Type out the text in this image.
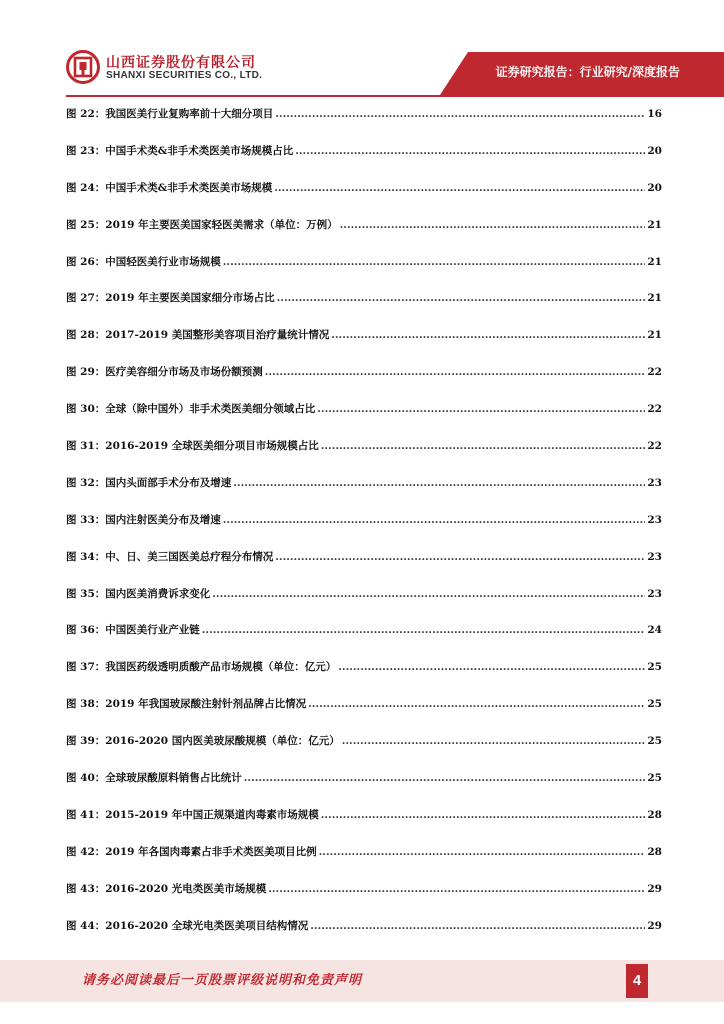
山西证券股份有限公司
SHANXI SECURITIES CO., LTD.	证券研究报告：行业研究/深度报告
图 22：我国医美行业复购率前十大细分项目 .....	16
图 23：中国手术类&非手术类医美市场规模占比 .....	20
图 24：中国手术类&非手术类医美市场规模 .....	20
图 25：2019 年主要医美国家轻医美需求（单位：万例） .....	21
图 26：中国轻医美行业市场规模 .....	21
图 27：2019 年主要医美国家细分市场占比 .....	21
图 28：2017-2019 美国整形美容项目治疗量统计情况 .....	21
图 29：医疗美容细分市场及市场份额预测 .....	22
图 30：全球（除中国外）非手术类医美细分领域占比 .....	22
图 31：2016-2019 全球医美细分项目市场规模占比 .....	22
图 32：国内头面部手术分布及增速 .....	23
图 33：国内注射医美分布及增速 .....	23
图 34：中、日、美三国医美总疗程分布情况 .....	23
图 35：国内医美消费诉求变化 .....	23
图 36：中国医美行业产业链 .....	24
图 37：我国医药级透明质酸产品市场规模（单位：亿元） .....	25
图 38：2019 年我国玻尿酸注射针剂品牌占比情况 .....	25
图 39：2016-2020 国内医美玻尿酸规模（单位：亿元） .....	25
图 40：全球玻尿酸原料销售占比统计 .....	25
图 41：2015-2019 年中国正规渠道肉毒素市场规模 .....	28
图 42：2019 年各国肉毒素占非手术类医美项目比例 .....	28
图 43：2016-2020 光电类医美市场规模 .....	29
图 44：2016-2020 全球光电类医美项目结构情况 .....	29
请务必阅读最后一页股票评级说明和免责声明	4
